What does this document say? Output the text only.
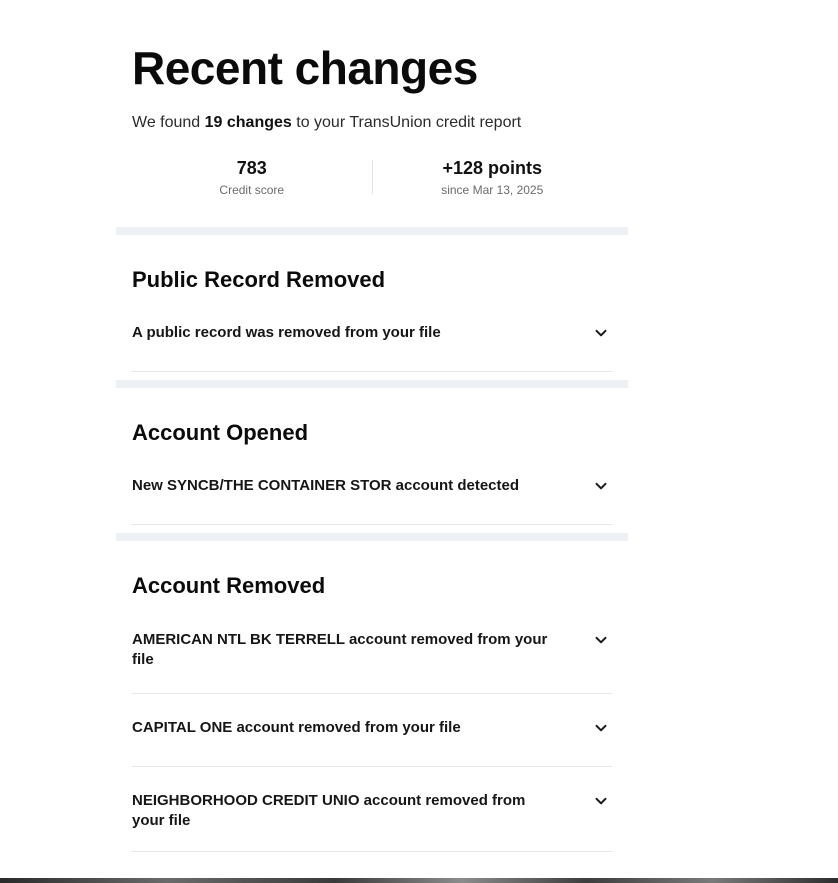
Recent changes
We found 19 changes to your TransUnion credit report
783
Credit score
+128 points
since Mar 13, 2025
Public Record Removed
A public record was removed from your file
Account Opened
New SYNCB/THE CONTAINER STOR account detected
Account Removed
AMERICAN NTL BK TERRELL account removed from your file
CAPITAL ONE account removed from your file
NEIGHBORHOOD CREDIT UNIO account removed from your file
